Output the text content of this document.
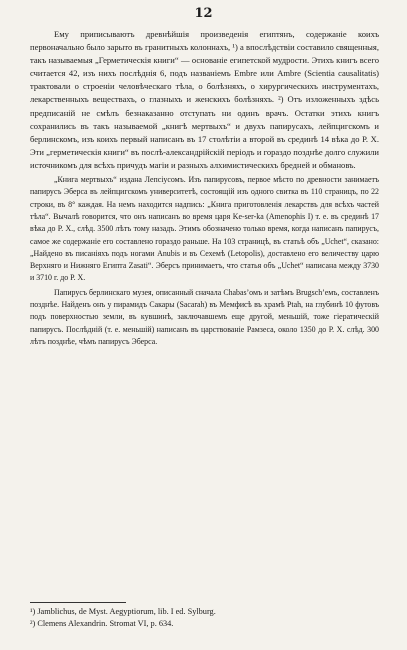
12

Ему приписываютъ древнѣйшія произведенія египтянъ, содержаніе коихъ первоначально было зарыто въ гранитныхъ колоннахъ, ¹) а впослѣдствіи составило священныя, такъ называемыя „Герметическія книги“ — основаніе египетской мудрости. Этихъ книгъ всего считается 42, изъ нихъ послѣднія 6, подъ названіемъ Embre или Ambre (Scientia causalitatis) трактовали о строеніи человѣческаго тѣла, о болѣзняхъ, о хирургическихъ инструментахъ, лекарственныхъ веществахъ, о глазныхъ и женскихъ болѣзняхъ. ²) Отъ изложенныхъ здѣсь предписаній не смѣлъ безнаказанно отступать ни одинъ врачъ. Остатки этихъ книгъ сохранились въ такъ называемой „книгѣ мертвыхъ“ и двухъ папирусахъ, лейпцигскомъ и берлинскомъ, изъ коихъ первый написанъ въ 17 столѣтіи а второй въ срединѣ 14 вѣка до Р. Х. Эти „герметическія книги“ въ послѣ-александрійскій періодъ и гораздо позднѣе долго служили источникомъ для всѣхъ причудъ магіи и разныхъ алхимистическихъ бредней и обмановъ.

„Книга мертвыхъ“ издана Лепсіусомъ. Изъ папирусовъ, первое мѣсто по древности занимаетъ папирусъ Эберса въ лейпцигскомъ университетѣ, состоящій изъ одного свитка въ 110 страницъ, по 22 строки, въ 8° каждая. На немъ находится надпись: „Книга приготовленія лекарствъ для всѣхъ частей тѣла“. Вычалѣ говорится, что онъ написанъ во время царя Ke-ser-ka (Amenophis I) т. е. въ срединѣ 17 вѣка до Р. Х., слѣд. 3500 лѣтъ тому назадъ. Этимъ обозначено только время, когда написанъ папирусъ, самое же содержаніе его составлено гораздо раньше. На 103 страницѣ, въ статьѣ объ „Uchet“, сказано: „Найдено въ писаніяхъ подъ ногами Anubis и въ Сехемѣ (Letopolis), доставлено его величеству царю Верхняго и Нижняго Египта Zasati“. Эберсъ принимаетъ, что статья объ „Uchet“ написана между 3730 и 3710 г. до Р. Х.

Папирусъ берлинскаго музея, описанный сначала Chabas’омъ и затѣмъ Brugsch’емъ, составленъ позднѣе. Найденъ онъ у пирамидъ Сакары (Sacarah) въ Мемфисѣ въ храмѣ Ptah, на глубинѣ 10 футовъ подъ поверхностью земли, въ кувшинѣ, заключавшемъ еще другой, меньшій, тоже гіератическій папирусъ. Послѣдній (т. е. меньшій) написанъ въ царствованіе Рамзеса, около 1350 до Р. Х. слѣд. 300 лѣтъ позднѣе, чѣмъ папирусъ Эберса.

¹) Jamblichus, de Myst. Aegyptiorum, lib. I ed. Sylburg.

²) Clemens Alexandrin. Stromat VI, p. 634.
